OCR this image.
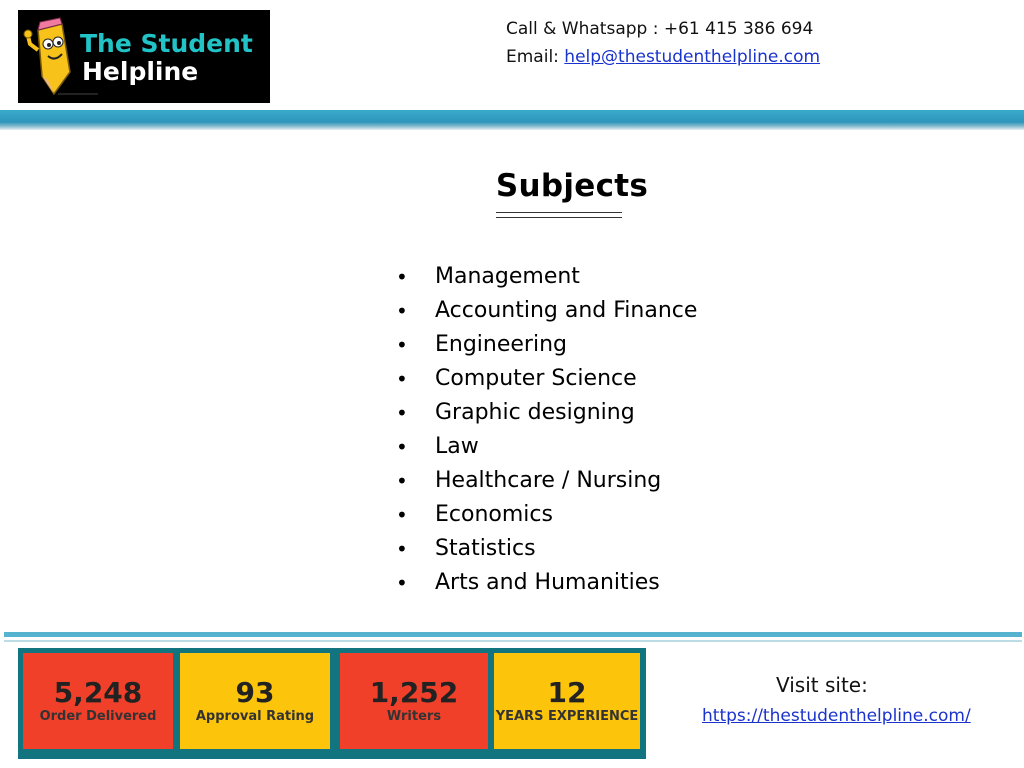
The Student
Helpline
Call & Whatsapp : +61 415 386 694
Email: help@thestudenthelpline.com
Subjects
•	Management
•	Accounting and Finance
•	Engineering
•	Computer Science
•	Graphic designing
•	Law
•	Healthcare / Nursing
•	Economics
•	Statistics
•	Arts and Humanities
5,248
Order Delivered
93
Approval Rating
1,252
Writers
12
YEARS EXPERIENCE
Visit site:
https://thestudenthelpline.com/
